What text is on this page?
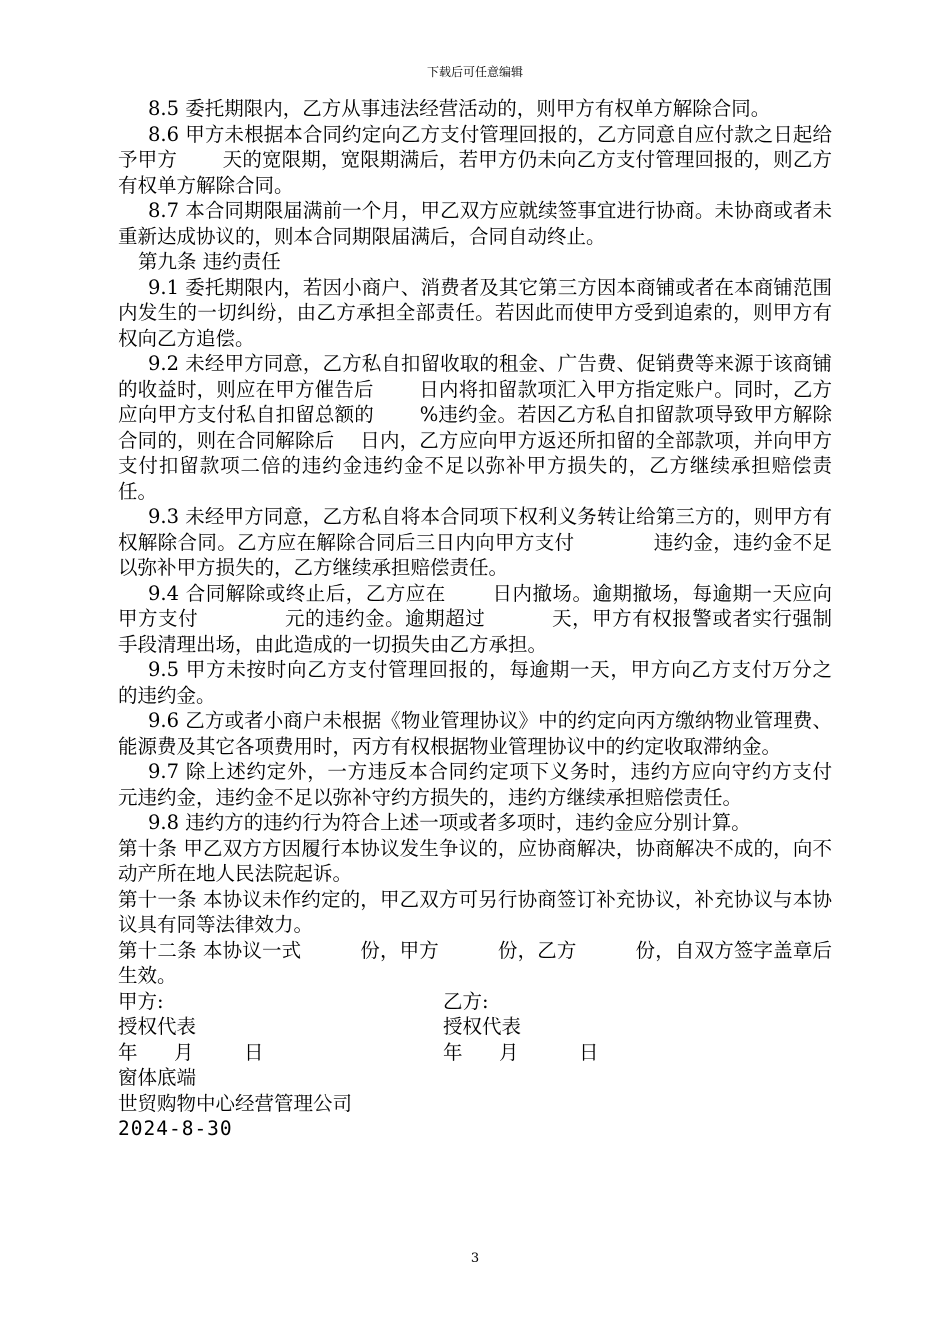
下载后可任意编辑

8.5 委托期限内，乙方从事违法经营活动的，则甲方有权单方解除合同。

8.6 甲方未根据本合同约定向乙方支付管理回报的，乙方同意自应付款之日起给予甲方　　 天的宽限期，宽限期满后，若甲方仍未向乙方支付管理回报的，则乙方有权单方解除合同。

8.7 本合同期限届满前一个月，甲乙双方应就续签事宜进行协商。未协商或者未重新达成协议的，则本合同期限届满后，合同自动终止。

第九条 违约责任

9.1 委托期限内，若因小商户、消费者及其它第三方因本商铺或者在本商铺范围内发生的一切纠纷，由乙方承担全部责任。若因此而使甲方受到追索的，则甲方有权向乙方追偿。

9.2 未经甲方同意，乙方私自扣留收取的租金、广告费、促销费等来源于该商铺的收益时，则应在甲方催告后　　 日内将扣留款项汇入甲方指定账户。同时，乙方应向甲方支付私自扣留总额的　　 %违约金。若因乙方私自扣留款项导致甲方解除合同的，则在合同解除后　 日内，乙方应向甲方返还所扣留的全部款项，并向甲方支付扣留款项二倍的违约金违约金不足以弥补甲方损失的，乙方继续承担赔偿责任。

9.3 未经甲方同意，乙方私自将本合同项下权利义务转让给第三方的，则甲方有权解除合同。乙方应在解除合同后三日内向甲方支付　　　　违约金，违约金不足以弥补甲方损失的，乙方继续承担赔偿责任。

9.4 合同解除或终止后，乙方应在　　 日内撤场。逾期撤场，每逾期一天应向甲方支付　　　　 元的违约金。逾期超过　　　 天，甲方有权报警或者实行强制手段清理出场，由此造成的一切损失由乙方承担。

9.5 甲方未按时向乙方支付管理回报的，每逾期一天，甲方向乙方支付万分之　　的违约金。

9.6 乙方或者小商户未根据《物业管理协议》中的约定向丙方缴纳物业管理费、能源费及其它各项费用时，丙方有权根据物业管理协议中的约定收取滞纳金。

9.7 除上述约定外，一方违反本合同约定项下义务时，违约方应向守约方支付　　 元违约金，违约金不足以弥补守约方损失的，违约方继续承担赔偿责任。

9.8 违约方的违约行为符合上述一项或者多项时，违约金应分别计算。

第十条 甲乙双方方因履行本协议发生争议的，应协商解决，协商解决不成的，向不动产所在地人民法院起诉。

第十一条 本协议未作约定的，甲乙双方可另行协商签订补充协议，补充协议与本协议具有同等法律效力。

第十二条 本协议一式　　　份，甲方　　　份，乙方　　　份，自双方签字盖章后生效。

甲方:	乙方:
授权代表	授权代表
年 月	日	年 月	日

窗体底端

世贸购物中心经营管理公司

2024-8-30

3
